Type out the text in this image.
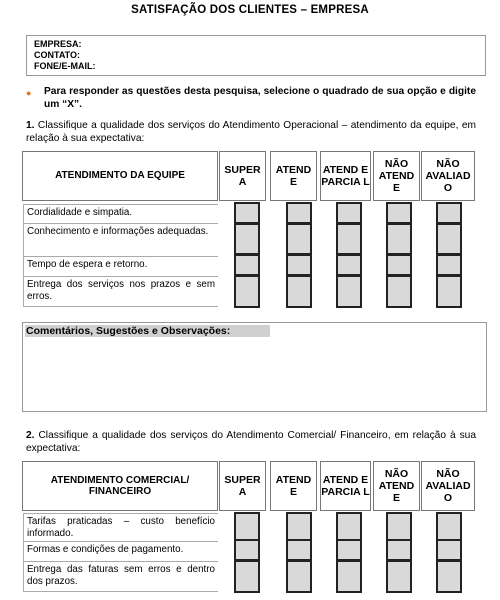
SATISFAÇÃO DOS CLIENTES – EMPRESA
EMPRESA:
CONTATO:
FONE/E-MAIL:
● Para responder as questões desta pesquisa, selecione o quadrado de sua opção e digite um “X”.
1. Classifique a qualidade dos serviços do Atendimento Operacional – atendimento da equipe, em relação à sua expectativa:
ATENDIMENTO DA EQUIPE	SUPER A
ATEND E
ATEND E PARCIA L
NÃO ATEND E
NÃO AVALIAD O
Cordialidade e simpatia.
Conhecimento e informações adequadas.
Tempo de espera e retorno.
Entrega dos serviços nos prazos e sem erros.
Comentários, Sugestões e Observações:
2. Classifique a qualidade dos serviços do Atendimento Comercial/ Financeiro, em relação à sua expectativa:
ATENDIMENTO COMERCIAL/ FINANCEIRO
SUPER A
ATEND E
ATEND E PARCIA L
NÃO ATEND E
NÃO AVALIAD O
Tarifas praticadas – custo benefício informado.
Formas e condições de pagamento.
Entrega das faturas sem erros e dentro dos prazos.
